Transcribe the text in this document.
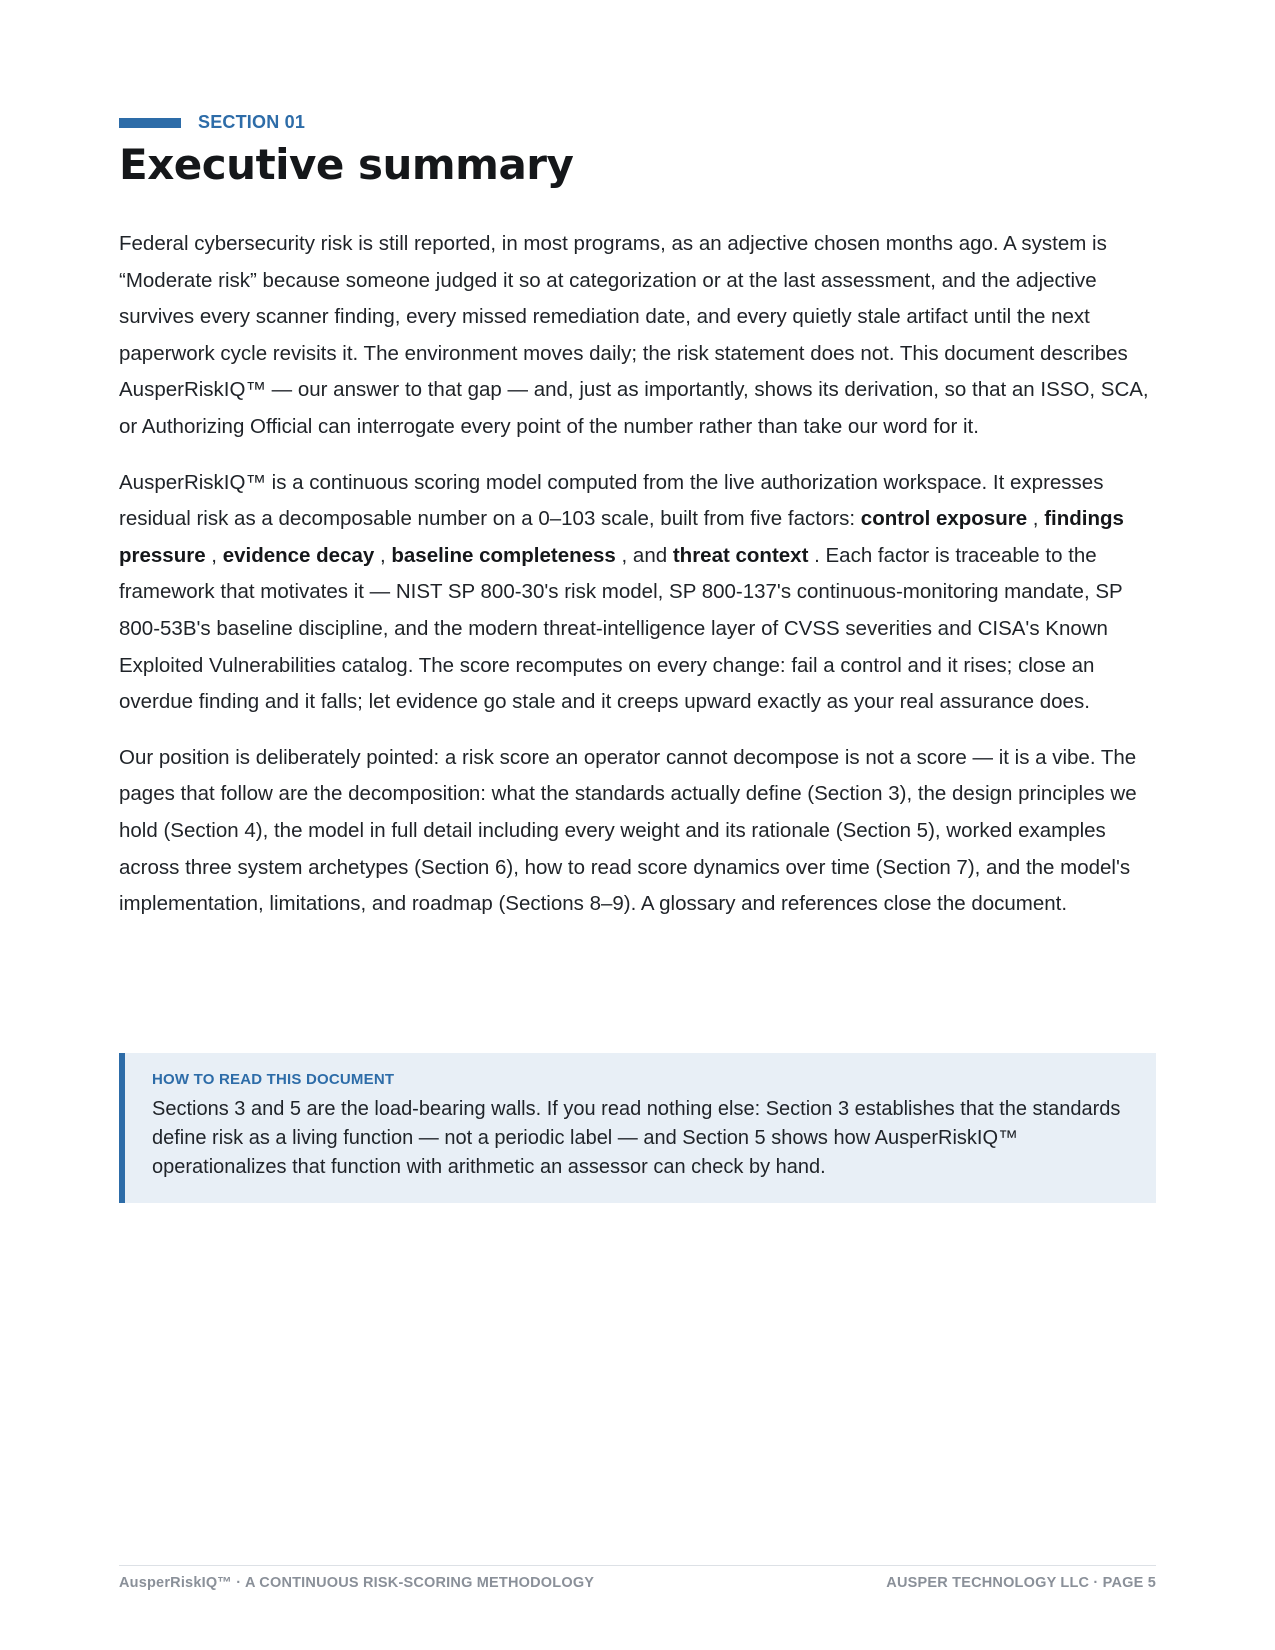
SECTION 01
Executive summary

Federal cybersecurity risk is still reported, in most programs, as an adjective chosen months ago. A system is “Moderate risk” because someone judged it so at categorization or at the last assessment, and the adjective survives every scanner finding, every missed remediation date, and every quietly stale artifact until the next paperwork cycle revisits it. The environment moves daily; the risk statement does not. This document describes AusperRiskIQ™ — our answer to that gap — and, just as importantly, shows its derivation, so that an ISSO, SCA, or Authorizing Official can interrogate every point of the number rather than take our word for it.

AusperRiskIQ™ is a continuous scoring model computed from the live authorization workspace. It expresses residual risk as a decomposable number on a 0–103 scale, built from five factors: control exposure , findings pressure , evidence decay , baseline completeness , and threat context . Each factor is traceable to the framework that motivates it — NIST SP 800-30's risk model, SP 800-137's continuous-monitoring mandate, SP 800-53B's baseline discipline, and the modern threat-intelligence layer of CVSS severities and CISA's Known Exploited Vulnerabilities catalog. The score recomputes on every change: fail a control and it rises; close an overdue finding and it falls; let evidence go stale and it creeps upward exactly as your real assurance does.

Our position is deliberately pointed: a risk score an operator cannot decompose is not a score — it is a vibe. The pages that follow are the decomposition: what the standards actually define (Section 3), the design principles we hold (Section 4), the model in full detail including every weight and its rationale (Section 5), worked examples across three system archetypes (Section 6), how to read score dynamics over time (Section 7), and the model's implementation, limitations, and roadmap (Sections 8–9). A glossary and references close the document.

HOW TO READ THIS DOCUMENT
Sections 3 and 5 are the load-bearing walls. If you read nothing else: Section 3 establishes that the standards define risk as a living function — not a periodic label — and Section 5 shows how AusperRiskIQ™ operationalizes that function with arithmetic an assessor can check by hand.
AusperRiskIQ™ · A CONTINUOUS RISK-SCORING METHODOLOGY	AUSPER TECHNOLOGY LLC · PAGE 5
